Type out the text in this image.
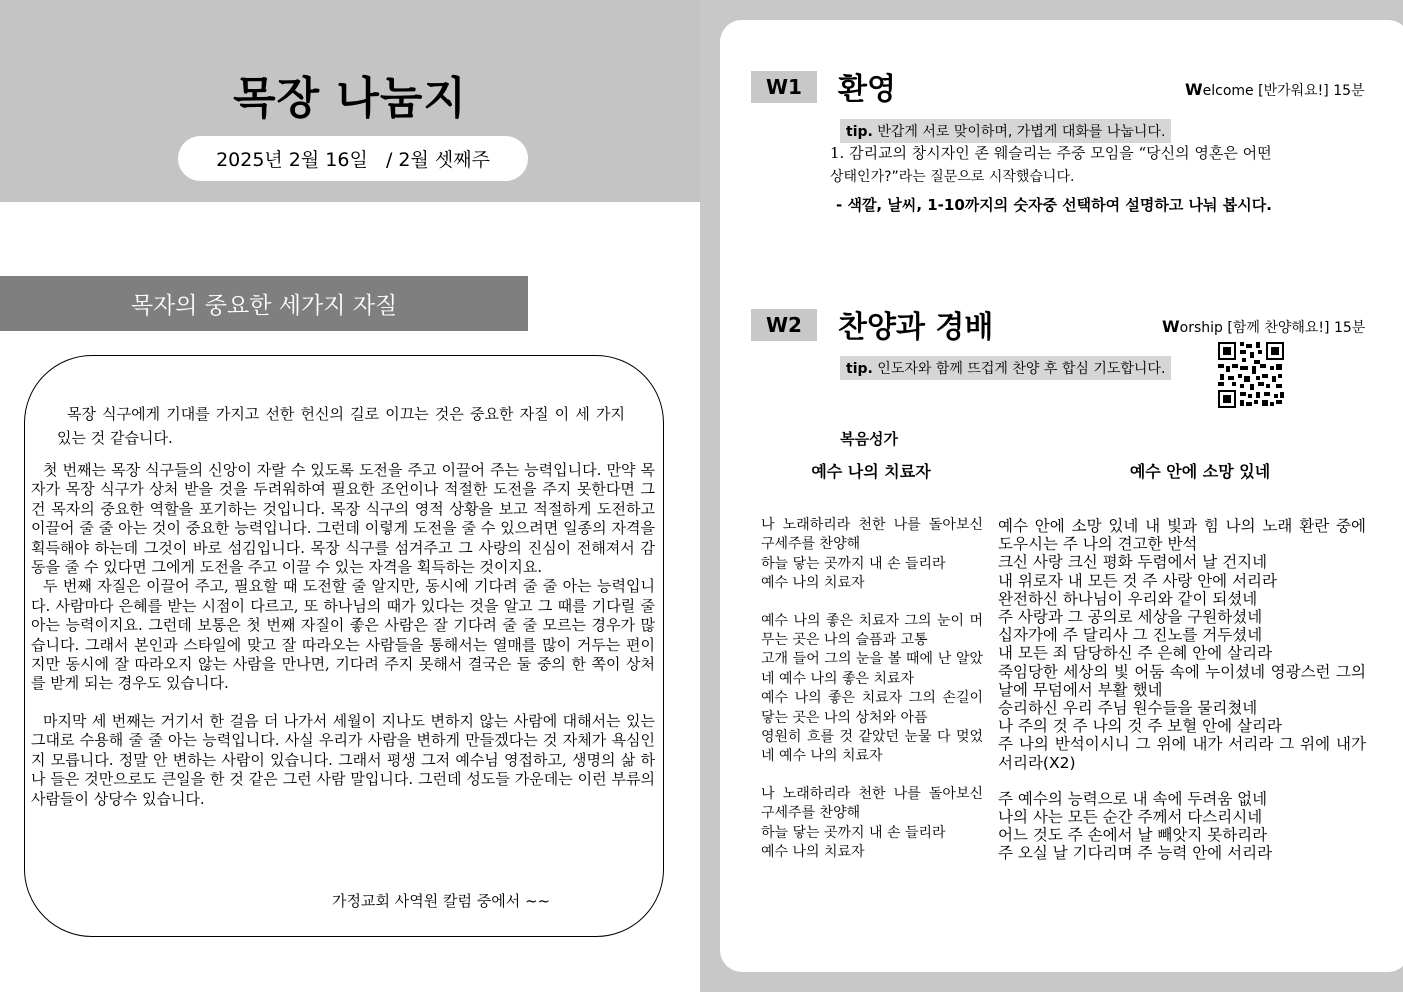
목장 나눔지
2025년 2월 16일   / 2월 셋째주
목자의 중요한 세가지 자질

목장 식구에게 기대를 가지고 선한 헌신의 길로 이끄는 것은 중요한 자질 이 세 가지 있는 것 같습니다.

첫 번째는 목장 식구들의 신앙이 자랄 수 있도록 도전을 주고 이끌어 주는 능력입니다. 만약 목자가 목장 식구가 상처 받을 것을 두려워하여 필요한 조언이나 적절한 도전을 주지 못한다면 그건 목자의 중요한 역할을 포기하는 것입니다. 목장 식구의 영적 상황을 보고 적절하게 도전하고 이끌어 줄 줄 아는 것이 중요한 능력입니다. 그런데 이렇게 도전을 줄 수 있으려면 일종의 자격을 획득해야 하는데 그것이 바로 섬김입니다. 목장 식구를 섬겨주고 그 사랑의 진심이 전해져서 감동을 줄 수 있다면 그에게 도전을 주고 이끌 수 있는 자격을 획득하는 것이지요.

두 번째 자질은 이끌어 주고, 필요할 때 도전할 줄 알지만, 동시에 기다려 줄 줄 아는 능력입니다. 사람마다 은혜를 받는 시점이 다르고, 또 하나님의 때가 있다는 것을 알고 그 때를 기다릴 줄 아는 능력이지요. 그런데 보통은 첫 번째 자질이 좋은 사람은 잘 기다려 줄 줄 모르는 경우가 많습니다. 그래서 본인과 스타일에 맞고 잘 따라오는 사람들을 통해서는 열매를 많이 거두는 편이지만 동시에 잘 따라오지 않는 사람을 만나면, 기다려 주지 못해서 결국은 둘 중의 한 쪽이 상처를 받게 되는 경우도 있습니다.

마지막 세 번째는 거기서 한 걸음 더 나가서 세월이 지나도 변하지 않는 사람에 대해서는 있는 그대로 수용해 줄 줄 아는 능력입니다. 사실 우리가 사람을 변하게 만들겠다는 것 자체가 욕심인지 모릅니다. 정말 안 변하는 사람이 있습니다. 그래서 평생 그저 예수님 영접하고, 생명의 삶 하나 들은 것만으로도 큰일을 한 것 같은 그런 사람 말입니다. 그런데 성도들 가운데는 이런 부류의 사람들이 상당수 있습니다.

가정교회 사역원 칼럼 중에서 ~~
W1	환영	Welcome [반가워요!] 15분
tip. 반갑게 서로 맞이하며, 가볍게 대화를 나눕니다.
1. 감리교의 창시자인 존 웨슬리는 주중 모임을 “당신의 영혼은 어떤
상태인가?”라는 질문으로 시작했습니다.
- 색깔, 날씨, 1-10까지의 숫자중 선택하여 설명하고 나눠 봅시다.
W2	찬양과 경배	Worship [함께 찬양해요!] 15분
tip. 인도자와 함께 뜨겁게 찬양 후 합심 기도합니다.
복음성가
예수 나의 치료자	예수 안에 소망 있네

나 노래하리라 천한 나를 돌아보신 구세주를 찬양해
하늘 닿는 곳까지 내 손 들리라
예수 나의 치료자

예수 나의 좋은 치료자 그의 눈이 머무는 곳은 나의 슬픔과 고통
고개 들어 그의 눈을 볼 때에 난 알았네 예수 나의 좋은 치료자
예수 나의 좋은 치료자 그의 손길이 닿는 곳은 나의 상처와 아픔
영원히 흐를 것 같았던 눈물 다 멎었네 예수 나의 치료자

나 노래하리라 천한 나를 돌아보신 구세주를 찬양해
하늘 닿는 곳까지 내 손 들리라
예수 나의 치료자

예수 안에 소망 있네 내 빛과 힘 나의 노래 환란 중에 도우시는 주 나의 견고한 반석
크신 사랑 크신 평화 두렴에서 날 건지네
내 위로자 내 모든 것 주 사랑 안에 서리라
완전하신 하나님이 우리와 같이 되셨네
주 사랑과 그 공의로 세상을 구원하셨네
십자가에 주 달리사 그 진노를 거두셨네
내 모든 죄 담당하신 주 은혜 안에 살리라
죽임당한 세상의 빛 어둠 속에 누이셨네 영광스런 그의 날에 무덤에서 부활 했네
승리하신 우리 주님 원수들을 물리쳤네
나 주의 것 주 나의 것 주 보혈 안에 살리라
주 나의 반석이시니 그 위에 내가 서리라 그 위에 내가 서리라(X2)

주 예수의 능력으로 내 속에 두려움 없네
나의 사는 모든 순간 주께서 다스리시네
어느 것도 주 손에서 날 빼앗지 못하리라
주 오실 날 기다리며 주 능력 안에 서리라
